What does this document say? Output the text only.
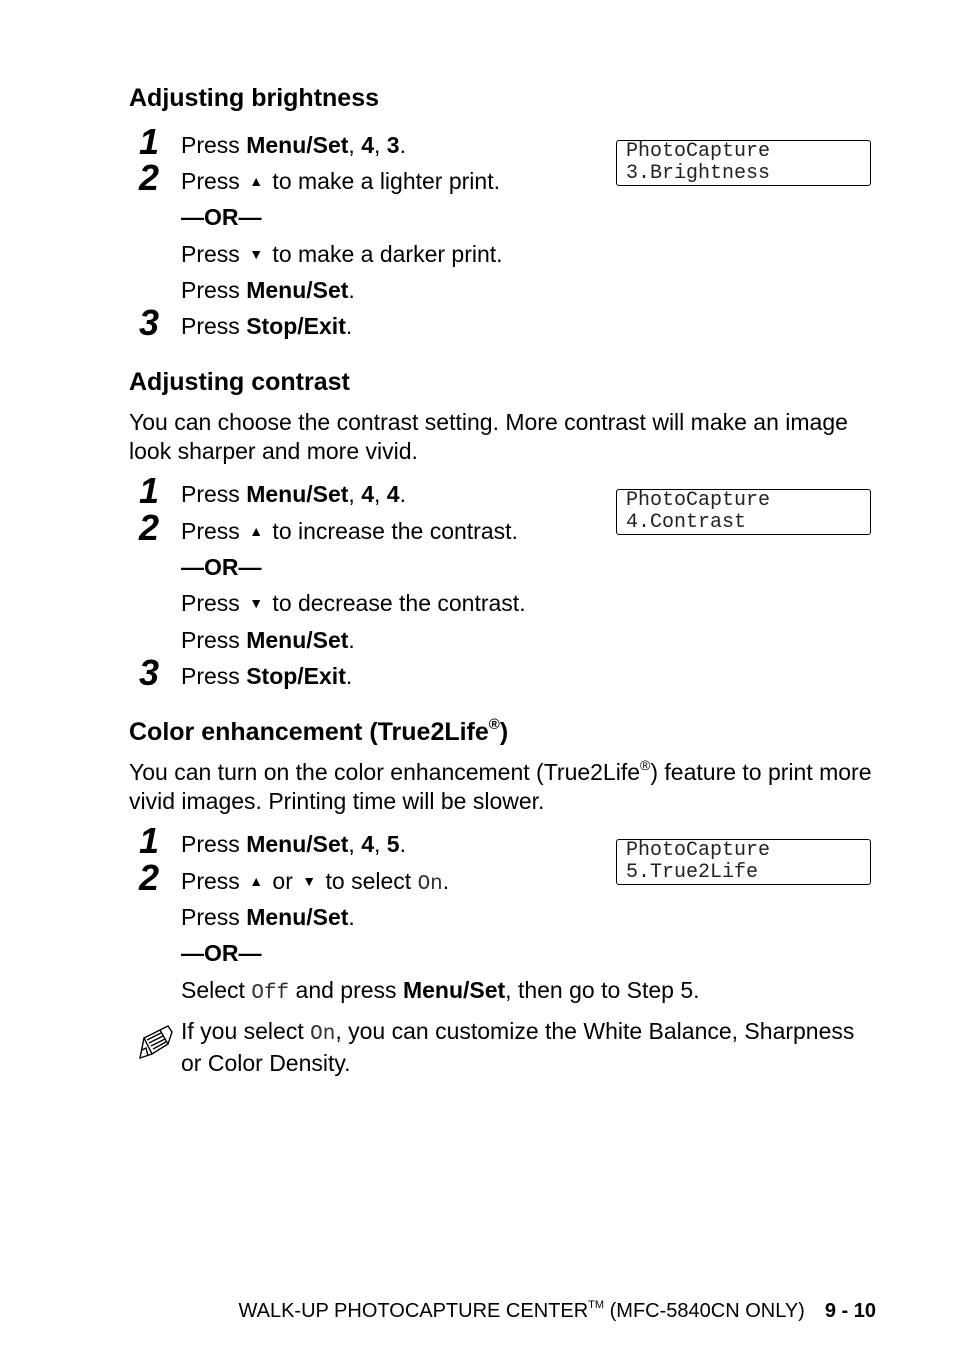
Adjusting brightness
1 Press Menu/Set, 4, 3.	PhotoCapture
3.Brightness
2 Press ▲ to make a lighter print.
—OR—
Press ▼ to make a darker print.
Press Menu/Set.
3 Press Stop/Exit.
Adjusting contrast
You can choose the contrast setting. More contrast will make an image look sharper and more vivid.
1 Press Menu/Set, 4, 4.	PhotoCapture
4.Contrast
2 Press ▲ to increase the contrast.
—OR—
Press ▼ to decrease the contrast.
Press Menu/Set.
3 Press Stop/Exit.
Color enhancement (True2Life®)
You can turn on the color enhancement (True2Life®) feature to print more vivid images. Printing time will be slower.
1 Press Menu/Set, 4, 5.	PhotoCapture
5.True2Life
2 Press ▲ or ▼ to select On.
Press Menu/Set.
—OR—
Select Off and press Menu/Set, then go to Step 5.
If you select On, you can customize the White Balance, Sharpness or Color Density.
WALK-UP PHOTOCAPTURE CENTER™ (MFC-5840CN ONLY) 9 - 10
